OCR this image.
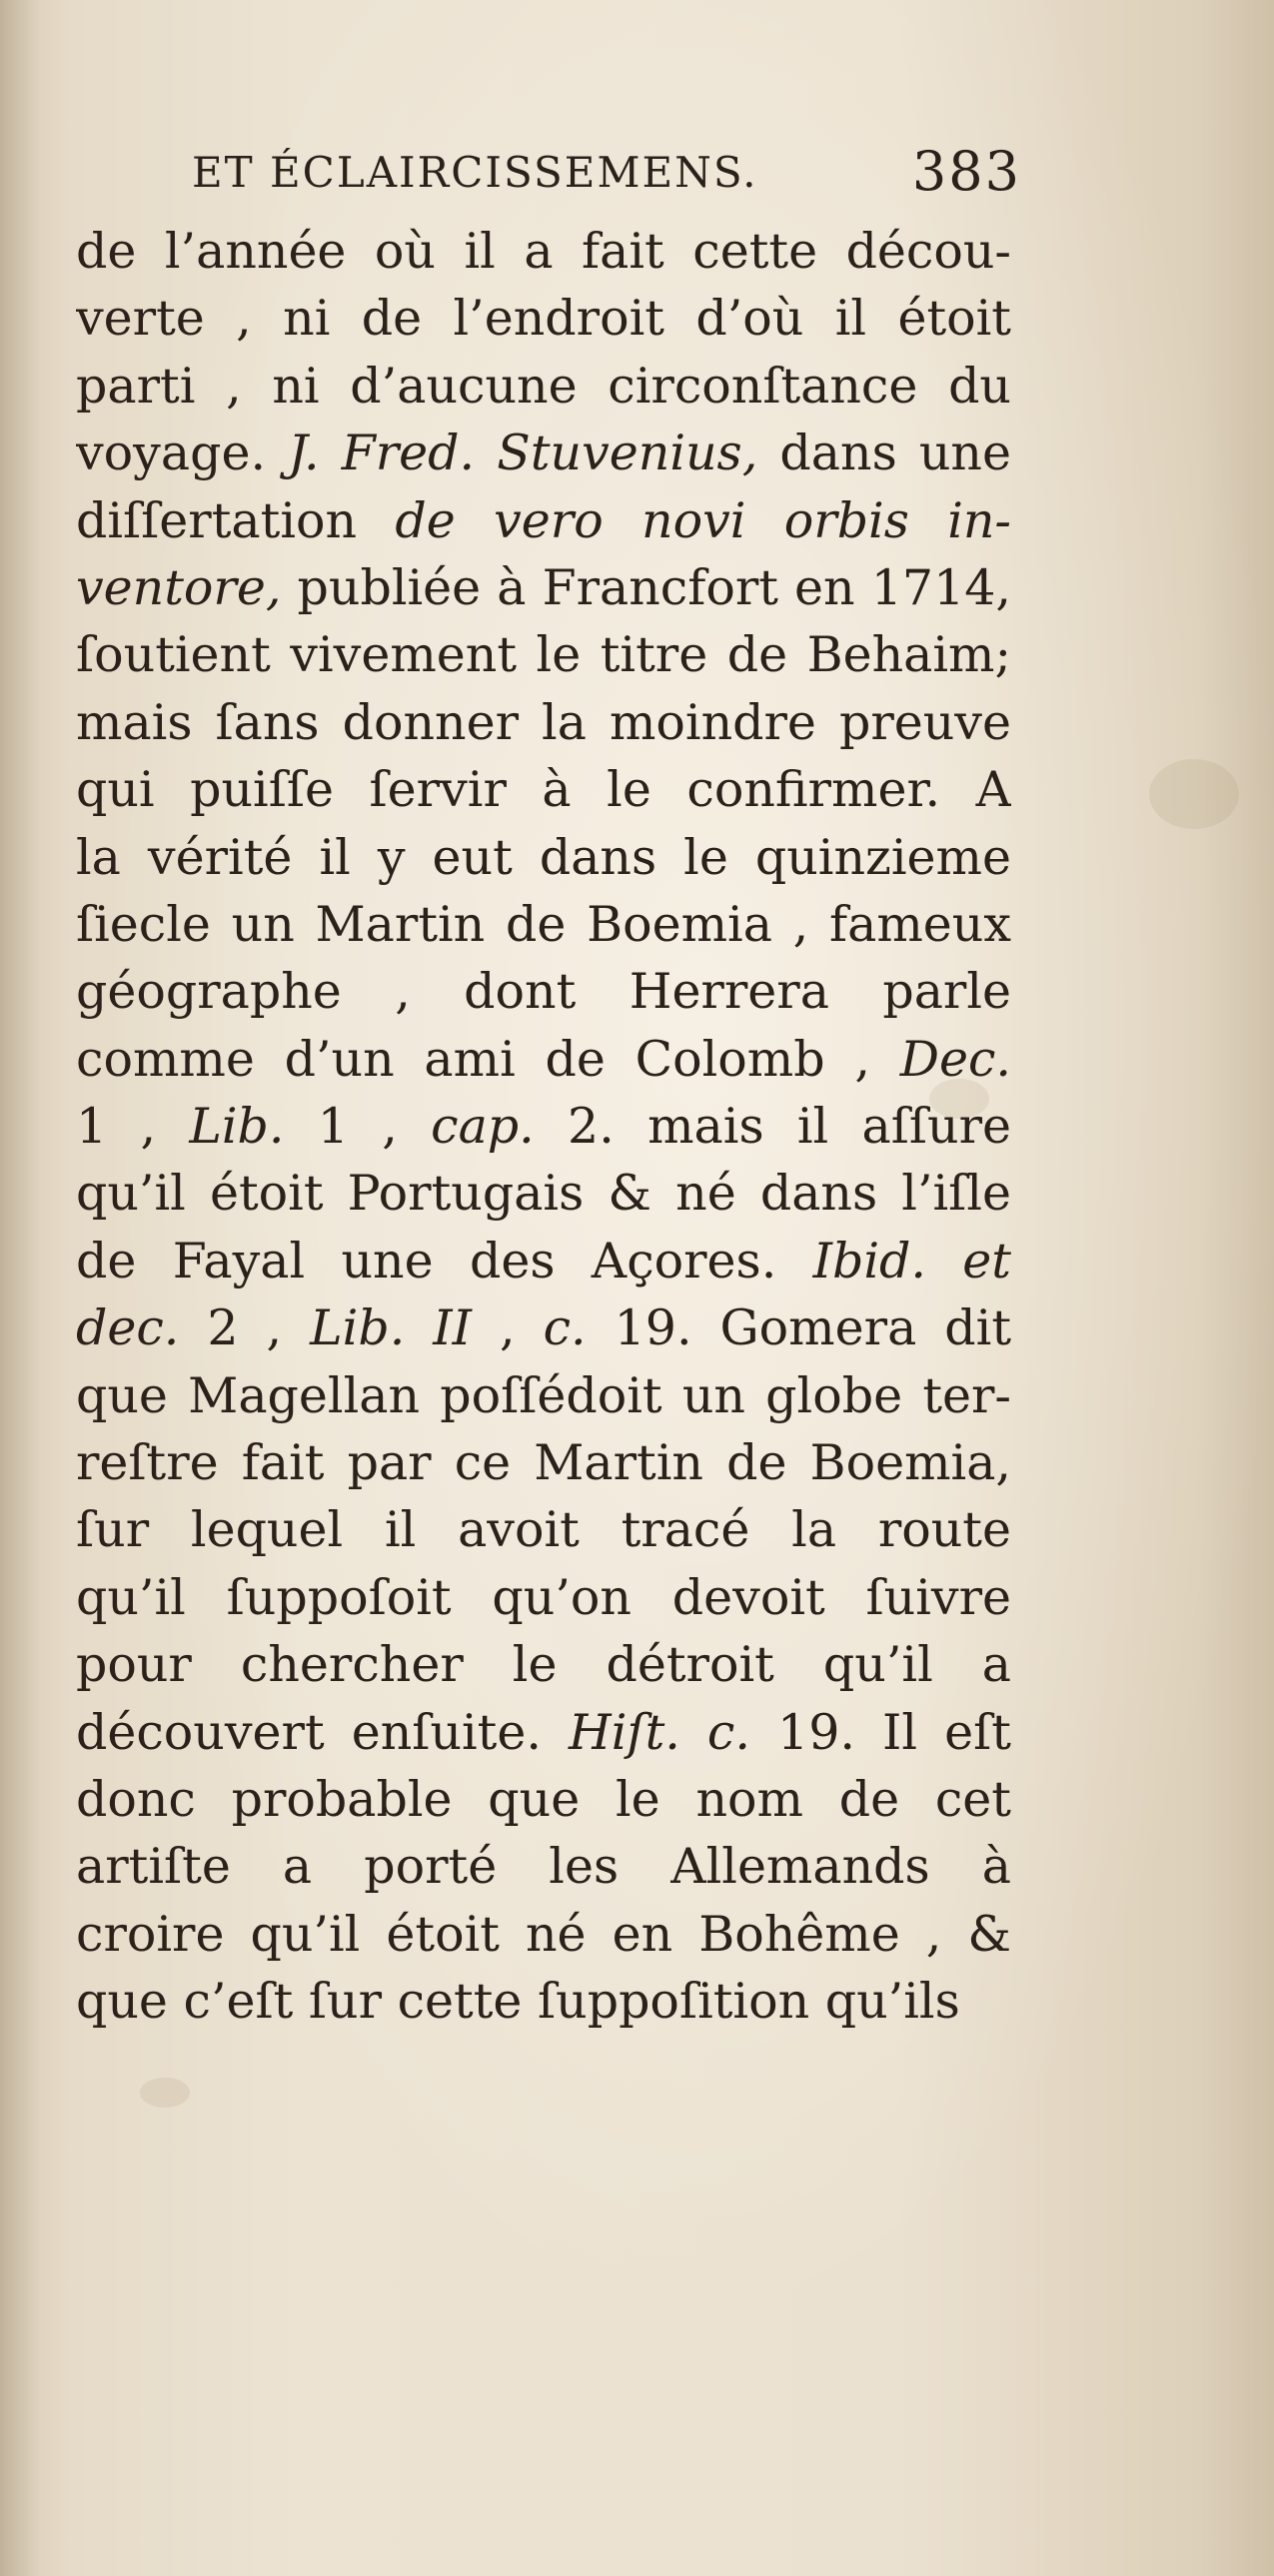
ET ÉCLAIRCISSEMENS.	383
de l’année où il a fait cette décou-
verte , ni de l’endroit d’où il étoit
parti , ni d’aucune circonſtance du
voyage. J. Fred. Stuvenius, dans une
diſſertation de vero novi orbis in-
ventore, publiée à Francfort en 1714,
ſoutient vivement le titre de Behaim;
mais ſans donner la moindre preuve
qui puiſſe ſervir à le confirmer. A
la vérité il y eut dans le quinzieme
ſiecle un Martin de Boemia , fameux
géographe , dont Herrera parle
comme d’un ami de Colomb , Dec.
1 , Lib. 1 , cap. 2. mais il aſſure
qu’il étoit Portugais & né dans l’iſle
de Fayal une des Açores. Ibid. et
dec. 2 , Lib. II , c. 19. Gomera dit
que Magellan poſſédoit un globe ter-
reſtre fait par ce Martin de Boemia,
ſur lequel il avoit tracé la route
qu’il ſuppoſoit qu’on devoit ſuivre
pour chercher le détroit qu’il a
découvert enſuite. Hiſt. c. 19. Il eſt
donc probable que le nom de cet
artiſte a porté les Allemands à
croire qu’il étoit né en Bohême , &
que c’eſt ſur cette ſuppoſition qu’ils
